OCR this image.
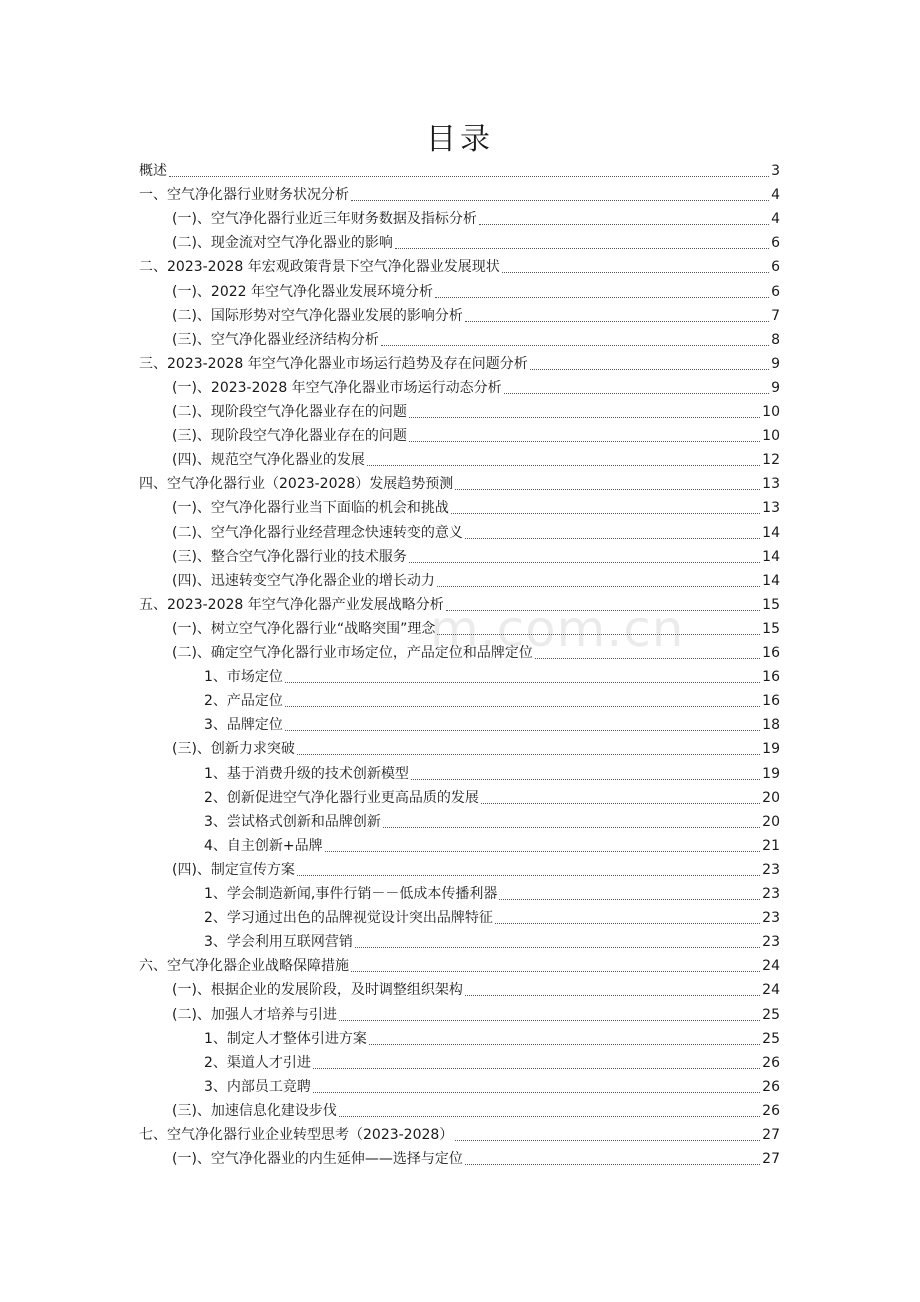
目录
m.com.cn
概述	3
一、空气净化器行业财务状况分析	4
(一)、空气净化器行业近三年财务数据及指标分析	4
(二)、现金流对空气净化器业的影响	6
二、2023-2028 年宏观政策背景下空气净化器业发展现状	6
(一)、2022 年空气净化器业发展环境分析	6
(二)、国际形势对空气净化器业发展的影响分析	7
(三)、空气净化器业经济结构分析	8
三、2023-2028 年空气净化器业市场运行趋势及存在问题分析	9
(一)、2023-2028 年空气净化器业市场运行动态分析	9
(二)、现阶段空气净化器业存在的问题	10
(三)、现阶段空气净化器业存在的问题	10
(四)、规范空气净化器业的发展	12
四、空气净化器行业（2023-2028）发展趋势预测	13
(一)、空气净化器行业当下面临的机会和挑战	13
(二)、空气净化器行业经营理念快速转变的意义	14
(三)、整合空气净化器行业的技术服务	14
(四)、迅速转变空气净化器企业的增长动力	14
五、2023-2028 年空气净化器产业发展战略分析	15
(一)、树立空气净化器行业“战略突围”理念	15
(二)、确定空气净化器行业市场定位，产品定位和品牌定位	16
1、市场定位	16
2、产品定位	16
3、品牌定位	18
(三)、创新力求突破	19
1、基于消费升级的技术创新模型	19
2、创新促进空气净化器行业更高品质的发展	20
3、尝试格式创新和品牌创新	20
4、自主创新+品牌	21
(四)、制定宣传方案	23
1、学会制造新闻,事件行销－－低成本传播利器	23
2、学习通过出色的品牌视觉设计突出品牌特征	23
3、学会利用互联网营销	23
六、空气净化器企业战略保障措施	24
(一)、根据企业的发展阶段，及时调整组织架构	24
(二)、加强人才培养与引进	25
1、制定人才整体引进方案	25
2、渠道人才引进	26
3、内部员工竞聘	26
(三)、加速信息化建设步伐	26
七、空气净化器行业企业转型思考（2023-2028）	27
(一)、空气净化器业的内生延伸——选择与定位	27
